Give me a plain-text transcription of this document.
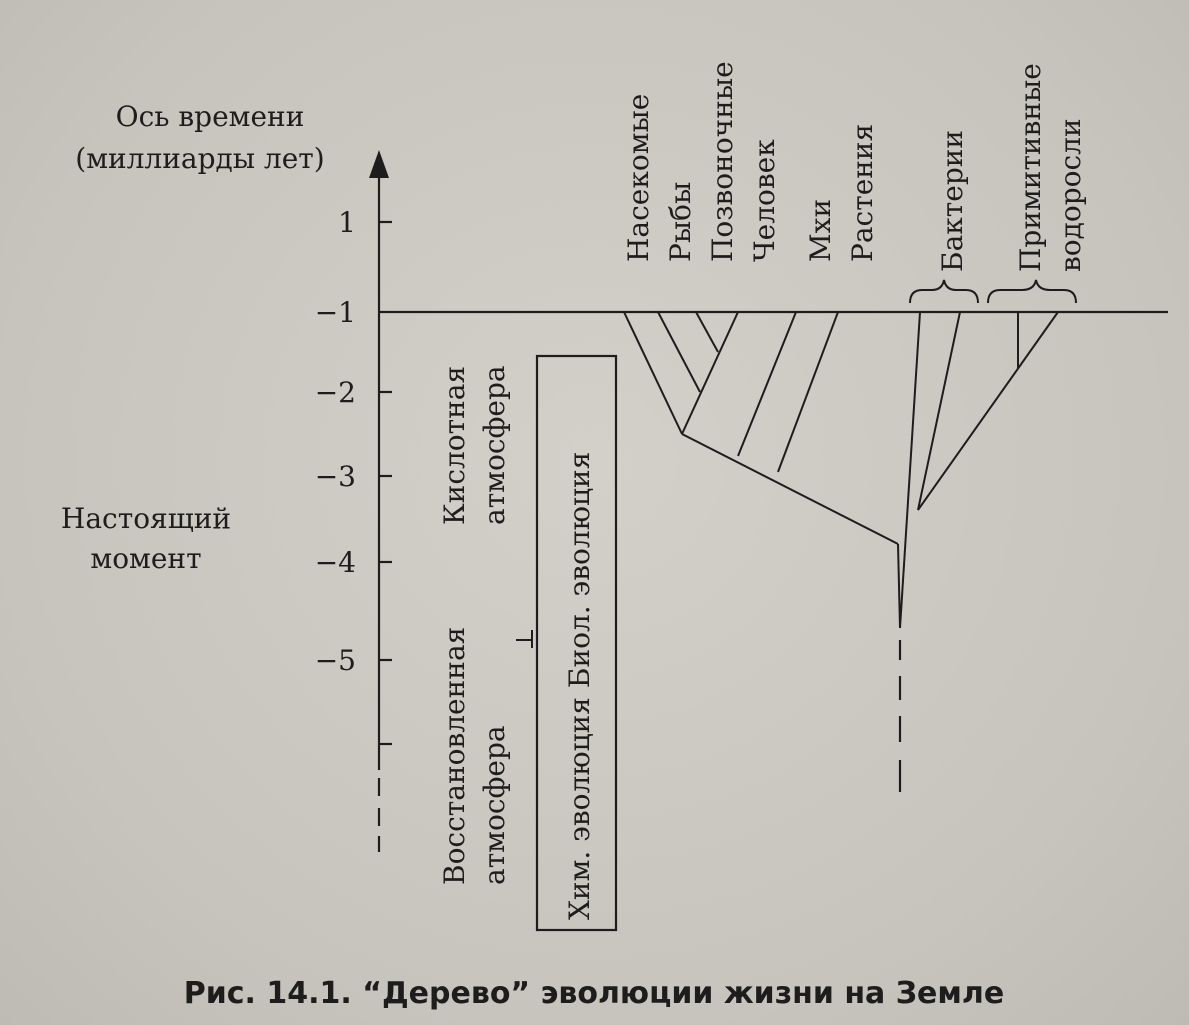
Ось времени
(миллиарды лет)
1
−1
−2
−3
−4
−5
Настоящий
момент
Кислотная атмосфера
Восстановленная атмосфера Хим. эволюция Биол. эволюция
Насекомые Рыбы Позвоночные Человек Мхи Растения Бактерии Примитивные водоросли
Рис. 14.1. “Дерево” эволюции жизни на Земле
